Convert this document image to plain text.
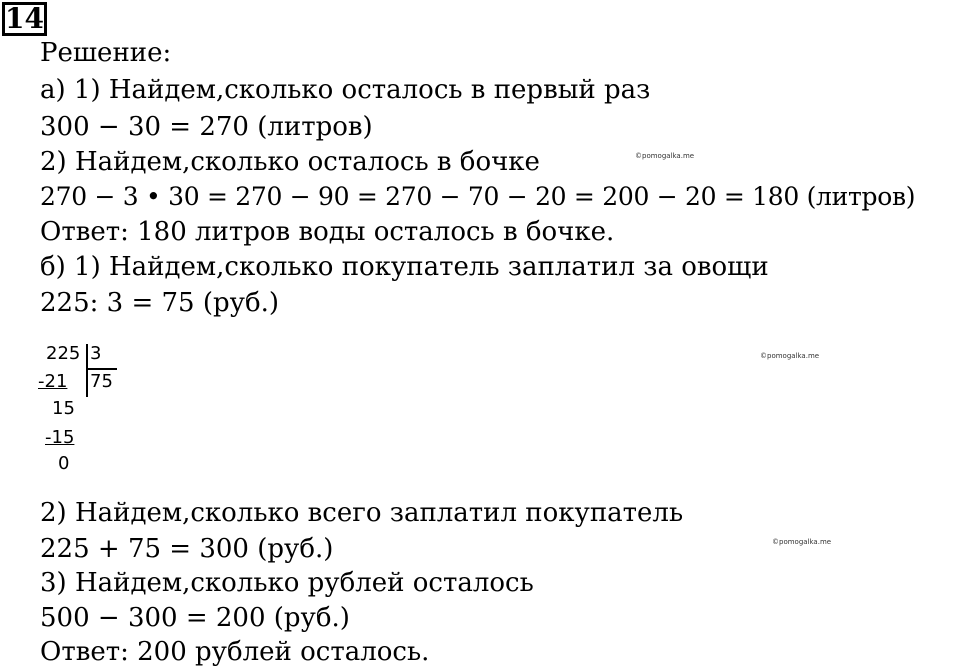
14
Решение:
а) 1) Найдем,сколько осталось в первый раз
300 − 30 = 270 (литров)
2) Найдем,сколько осталось в бочке
270 − 3 • 30 = 270 − 90 = 270 − 70 − 20 = 200 − 20 = 180 (литров)
Ответ: 180 литров воды осталось в бочке.
б) 1) Найдем,сколько покупатель заплатил за овощи
225: 3 = 75 (руб.)
225 3
75
-21
15
-15
0
2) Найдем,сколько всего заплатил покупатель
225 + 75 = 300 (руб.)
3) Найдем,сколько рублей осталось
500 − 300 = 200 (руб.)
Ответ: 200 рублей осталось.
©pomogalka.me
©pomogalka.me
©pomogalka.me
